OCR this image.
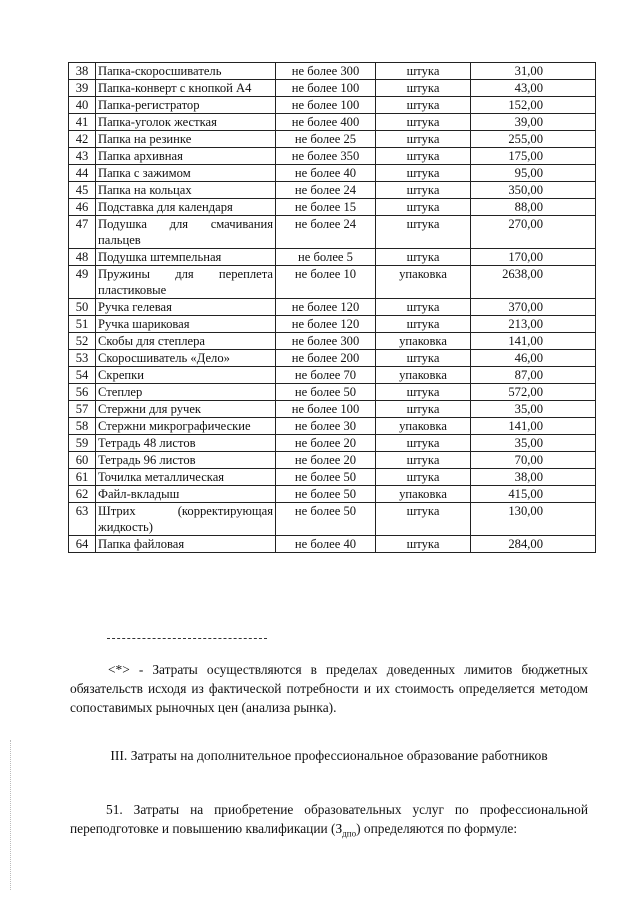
38	Папка-скоросшиватель	не более 300	штука	31,00
39	Папка-конверт с кнопкой А4	не более 100	штука	43,00
40	Папка-регистратор	не более 100	штука	152,00
41	Папка-уголок жесткая	не более 400	штука	39,00
42	Папка на резинке	не более 25	штука	255,00
43	Папка архивная	не более 350	штука	175,00
44	Папка с зажимом	не более 40	штука	95,00
45	Папка на кольцах	не более 24	штука	350,00
46	Подставка для календаря	не более 15	штука	88,00
47	Подушка для смачивания пальцев	не более 24	штука	270,00
48	Подушка штемпельная	не более 5	штука	170,00
49	Пружины для переплета пластиковые	не более 10	упаковка	2638,00
50	Ручка гелевая	не более 120	штука	370,00
51	Ручка шариковая	не более 120	штука	213,00
52	Скобы для степлера	не более 300	упаковка	141,00
53	Скоросшиватель «Дело»	не более 200	штука	46,00
54	Скрепки	не более 70	упаковка	87,00
56	Степлер	не более 50	штука	572,00
57	Стержни для ручек	не более 100	штука	35,00
58	Стержни микрографические	не более 30	упаковка	141,00
59	Тетрадь 48 листов	не более 20	штука	35,00
60	Тетрадь 96 листов	не более 20	штука	70,00
61	Точилка металлическая	не более 50	штука	38,00
62	Файл-вкладыш	не более 50	упаковка	415,00
63	Штрих (корректирующая жидкость)	не более 50	штука	130,00
64	Папка файловая	не более 40	штука	284,00
<*> - Затраты осуществляются в пределах доведенных лимитов бюджетных обязательств исходя из фактической потребности и их стоимость определяется методом сопоставимых рыночных цен (анализа рынка).
III. Затраты на дополнительное профессиональное образование работников
51. Затраты на приобретение образовательных услуг по профессиональной переподготовке и повышению квалификации $(З_{дпо})$ определяются по формуле:
